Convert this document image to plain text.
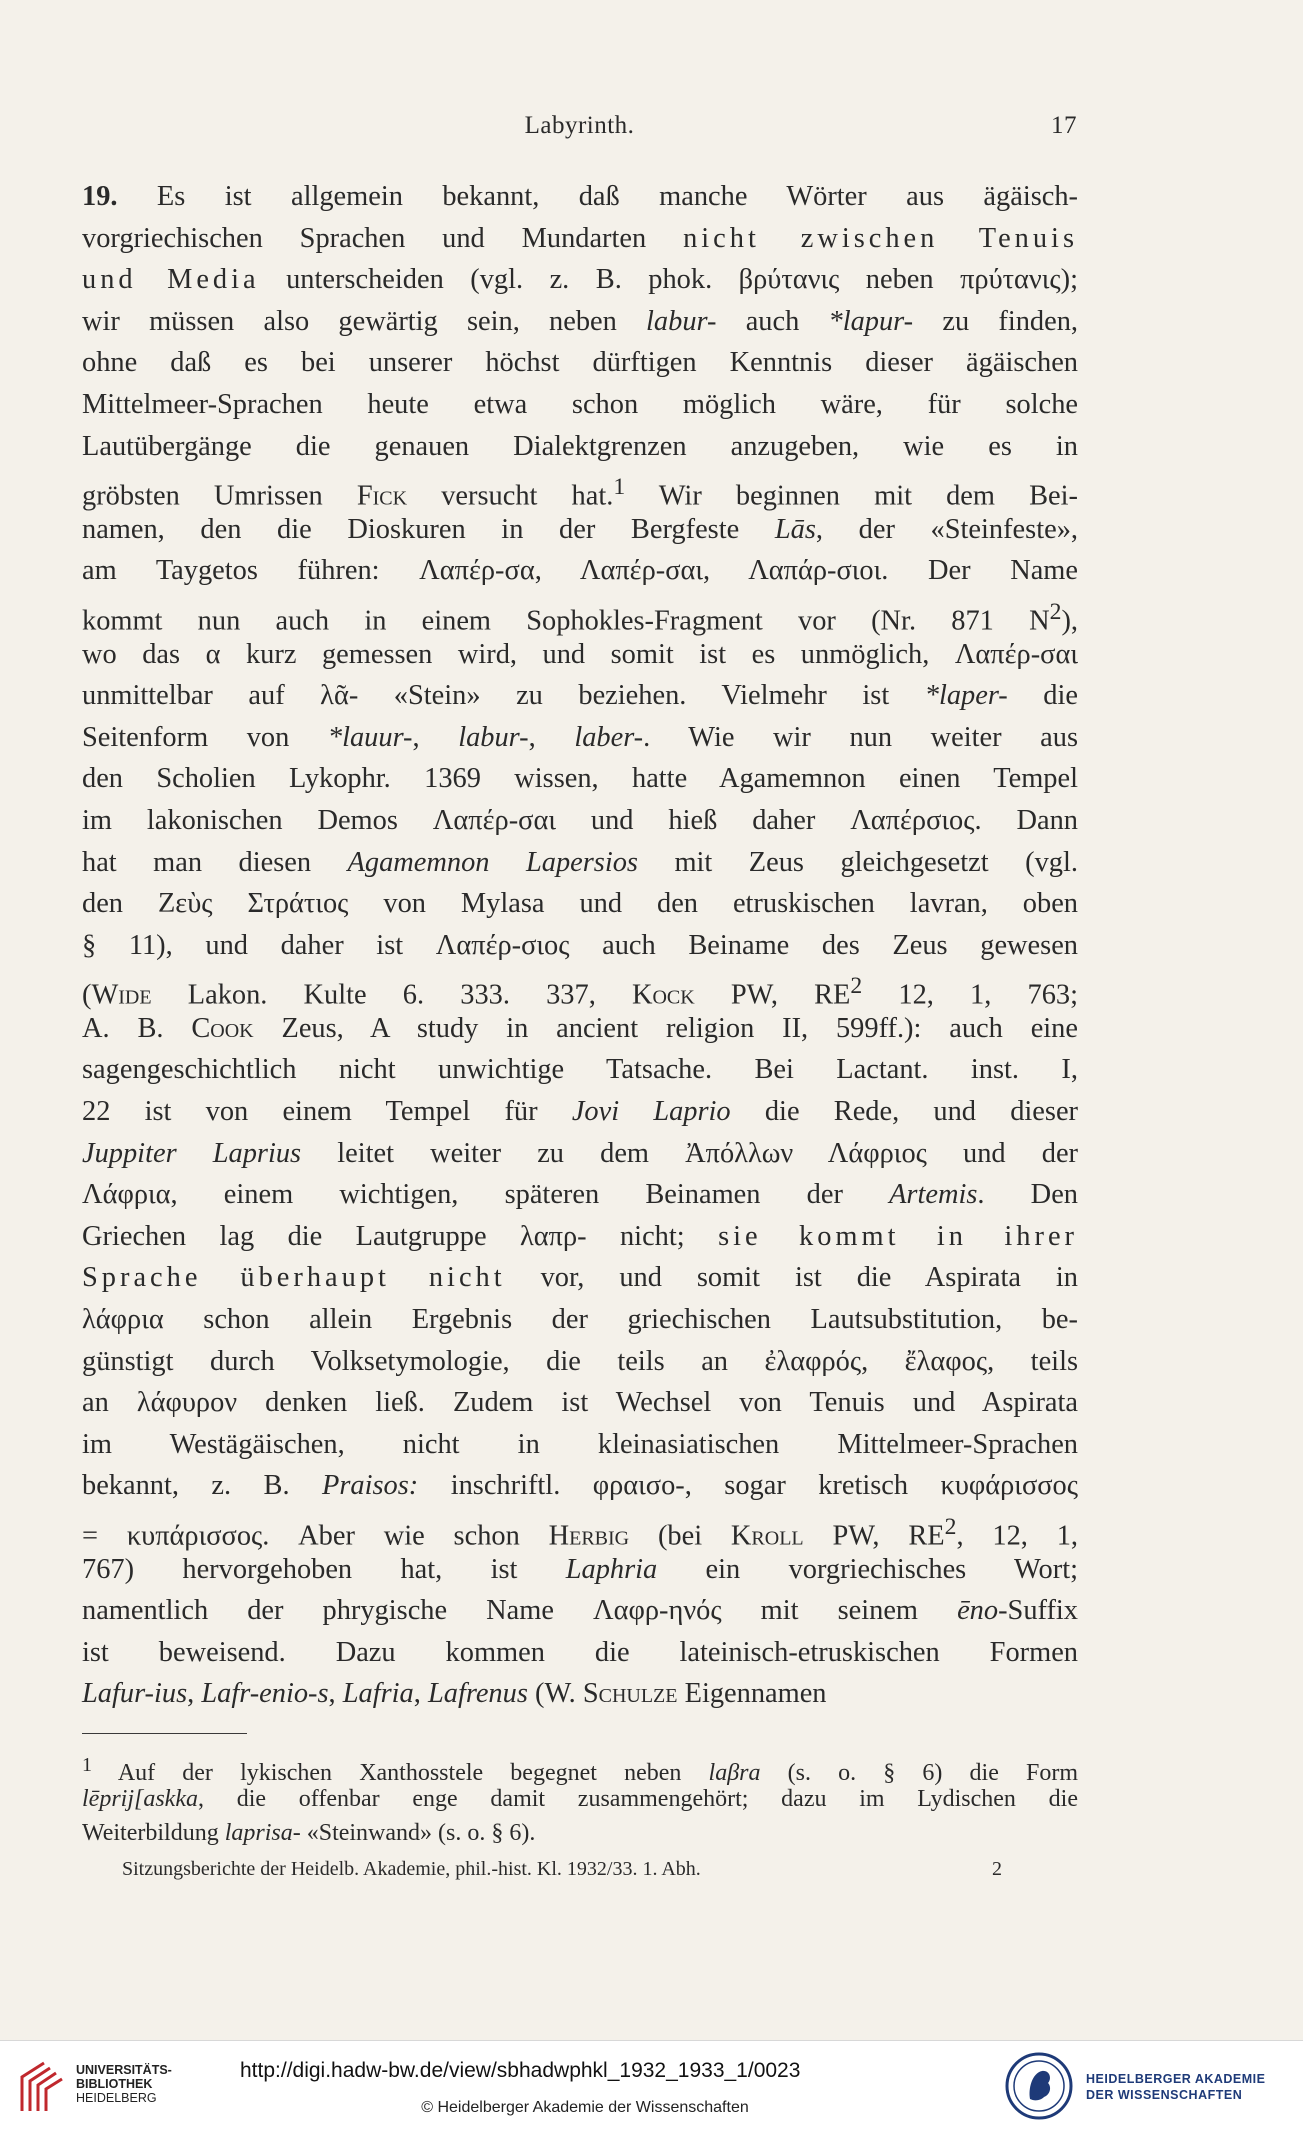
Labyrinth.	17
19. Es ist allgemein bekannt, daß manche Wörter aus ägäisch-
vorgriechischen Sprachen und Mundarten nicht zwischen Tenuis
und Media unterscheiden (vgl. z. B. phok. βρύτανις neben πρύτανις);
wir müssen also gewärtig sein, neben labur- auch *lapur- zu finden,
ohne daß es bei unserer höchst dürftigen Kenntnis dieser ägäischen
Mittelmeer-Sprachen heute etwa schon möglich wäre, für solche
Lautübergänge die genauen Dialektgrenzen anzugeben, wie es in
gröbsten Umrissen Fick versucht hat.$^1$ Wir beginnen mit dem Bei-
namen, den die Dioskuren in der Bergfeste Lās, der «Steinfeste»,
am Taygetos führen: Λαπέρ-σα, Λαπέρ-σαι, Λαπάρ-σιοι. Der Name
kommt nun auch in einem Sophokles-Fragment vor (Nr. 871 $N^2$),
wo das α kurz gemessen wird, und somit ist es unmöglich, Λαπέρ-σαι
unmittelbar auf λᾶ- «Stein» zu beziehen. Vielmehr ist *laper- die
Seitenform von *lauur-, labur-, laber-. Wie wir nun weiter aus
den Scholien Lykophr. 1369 wissen, hatte Agamemnon einen Tempel
im lakonischen Demos Λαπέρ-σαι und hieß daher Λαπέρσιος. Dann
hat man diesen Agamemnon Lapersios mit Zeus gleichgesetzt (vgl.
den Ζεὺς Στράτιος von Mylasa und den etruskischen lavran, oben
§ 11), und daher ist Λαπέρ-σιος auch Beiname des Zeus gewesen
(Wide Lakon. Kulte 6. 333. 337, Kock PW, $RE^2$ 12, 1, 763;
A. B. Cook Zeus, A study in ancient religion II, 599ff.): auch eine
sagengeschichtlich nicht unwichtige Tatsache. Bei Lactant. inst. I,
22 ist von einem Tempel für Jovi Laprio die Rede, und dieser
Juppiter Laprius leitet weiter zu dem Ἀπόλλων Λάφριος und der
Λάφρια, einem wichtigen, späteren Beinamen der Artemis. Den
Griechen lag die Lautgruppe λαπρ- nicht; sie kommt in ihrer
Sprache überhaupt nicht vor, und somit ist die Aspirata in
λάφρια schon allein Ergebnis der griechischen Lautsubstitution, be-
günstigt durch Volksetymologie, die teils an ἐλαφρός, ἔλαφος, teils
an λάφυρον denken ließ. Zudem ist Wechsel von Tenuis und Aspirata
im Westägäischen, nicht in kleinasiatischen Mittelmeer-Sprachen
bekannt, z. B. Praisos: inschriftl. φραισο-, sogar kretisch κυφάρισσος
= κυπάρισσος. Aber wie schon Herbig (bei Kroll PW, $RE^2$, 12, 1,
767) hervorgehoben hat, ist Laphria ein vorgriechisches Wort;
namentlich der phrygische Name Λαφρ-ηνός mit seinem ēno-Suffix
ist beweisend. Dazu kommen die lateinisch-etruskischen Formen
Lafur-ius, Lafr-enio-s, Lafria, Lafrenus (W. Schulze Eigennamen
$^1$ Auf der lykischen Xanthosstele begegnet neben laβra (s. o. § 6) die Form
lēprij[askka, die offenbar enge damit zusammengehört; dazu im Lydischen die
Weiterbildung laprisa- «Steinwand» (s. o. § 6).
Sitzungsberichte der Heidelb. Akademie, phil.-hist. Kl. 1932/33. 1. Abh.	2
UNIVERSITÄTS-
BIBLIOTHEK
HEIDELBERG
http://digi.hadw-bw.de/view/sbhadwphkl_1932_1933_1/0023
© Heidelberger Akademie der Wissenschaften
HEIDELBERGER AKADEMIE
DER WISSENSCHAFTEN
